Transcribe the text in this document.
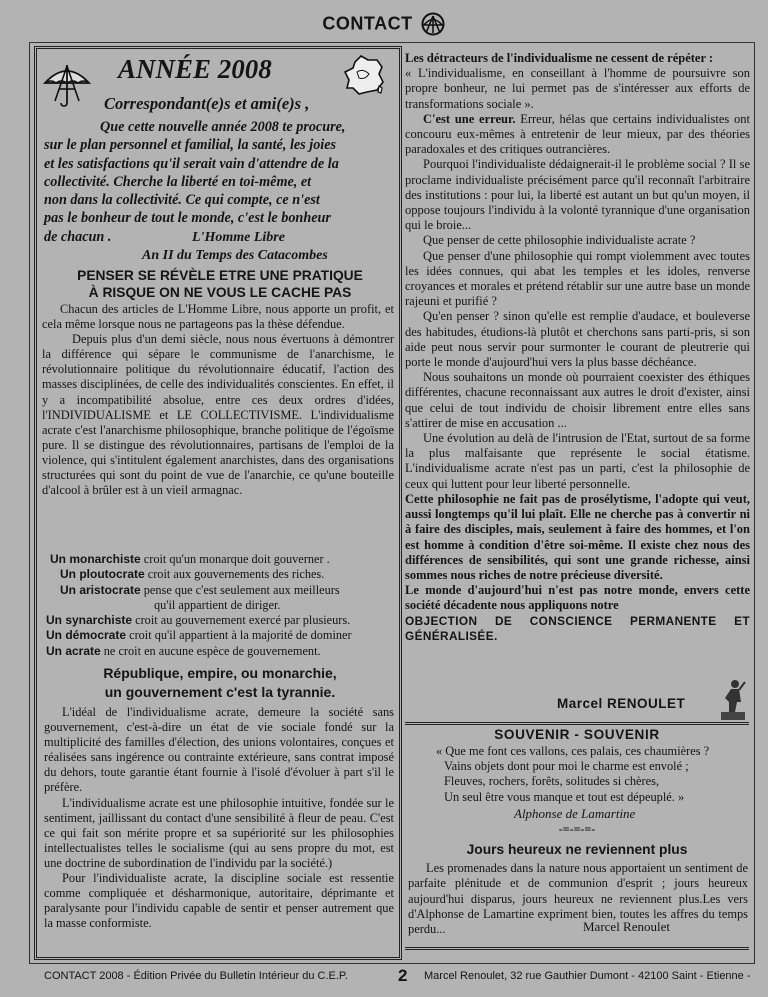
CONTACT
ANNÉE 2008
Correspondant(e)s et ami(e)s ,
Que cette nouvelle année 2008 te procure,
sur le plan personnel et familial, la santé, les joies
et les satisfactions qu'il serait vain d'attendre de la
collectivité. Cherche la liberté en toi-même, et
non dans la collectivité. Ce qui compte, ce n'est
pas le bonheur de tout le monde, c'est le bonheur
de chacun .	L'Homme Libre
An II du Temps des Catacombes
PENSER SE RÉVÈLE ETRE UNE PRATIQUE
À RISQUE ON NE VOUS LE CACHE PAS

Chacun des articles de L'Homme Libre, nous apporte un profit, et cela même lorsque nous ne partageons pas la thèse défendue.

Depuis plus d'un demi siècle, nous nous évertuons à démontrer la différence qui sépare le communisme de l'anarchisme, le révolutionnaire politique du révolutionnaire éducatif, l'action des masses disciplinées, de celle des individualités conscientes. En effet, il y a incompatibilité absolue, entre ces deux ordres d'idées, l'INDIVIDUALISME et LE COLLECTIVISME. L'individualisme acrate c'est l'anarchisme philosophique, branche politique de l'égoïsme pure. Il se distingue des révolutionnaires, partisans de l'emploi de la violence, qui s'intitulent également anarchistes, dans des organisations structurées qui sont du point de vue de l'anarchie, ce qu'une bouteille d'alcool à brûler est à un vieil armagnac.

Un monarchiste croit qu'un monarque doit gouverner .
Un ploutocrate croit aux gouvernements des riches.
Un aristocrate pense que c'est seulement aux meilleurs
qu'il appartient de diriger.
Un synarchiste croit au gouvernement exercé par plusieurs.
Un démocrate croit qu'il appartient à la majorité de dominer
Un acrate ne croit en aucune espèce de gouvernement.
République, empire, ou monarchie,
un gouvernement c'est la tyrannie.

L'idéal de l'individualisme acrate, demeure la société sans gouvernement, c'est-à-dire un état de vie sociale fondé sur la multiplicité des familles d'élection, des unions volontaires, conçues et réalisées sans ingérence ou contrainte extérieure, sans contrat imposé du dehors, toute garantie étant fournie à l'isolé d'évoluer à part s'il le préfère.

L'individualisme acrate est une philosophie intuitive, fondée sur le sentiment, jaillissant du contact d'une sensibilité à fleur de peau. C'est ce qui fait son mérite propre et sa supériorité sur les philosophies intellectualistes telles le socialisme (qui au sens propre du mot, est une doctrine de subordination de l'individu par la société.)

Pour l'individualiste acrate, la discipline sociale est ressentie comme compliquée et désharmonique, autoritaire, déprimante et paralysante pour l'individu capable de sentir et penser autrement que la masse conformiste.

Les détracteurs de l'individualisme ne cessent de répéter :

« L'individualisme, en conseillant à l'homme de poursuivre son propre bonheur, ne lui permet pas de s'intéresser aux efforts de transformations sociale ».

C'est une erreur. Erreur, hélas que certains individualistes ont concouru eux-mêmes à entretenir de leur mieux, par des théories paradoxales et des critiques outrancières.

Pourquoi l'individualiste dédaignerait-il le problème social ? Il se proclame individualiste précisément parce qu'il reconnaît l'arbitraire des institutions : pour lui, la liberté est autant un but qu'un moyen, il oppose toujours l'individu à la volonté tyrannique d'une organisation qui le broie...

Que penser de cette philosophie individualiste acrate ?

Que penser d'une philosophie qui rompt violemment avec toutes les idées connues, qui abat les temples et les idoles, renverse croyances et morales et prétend rétablir sur une autre base un monde rajeuni et purifié ?

Qu'en penser ? sinon qu'elle est remplie d'audace, et bouleverse des habitudes, étudions-là plutôt et cherchons sans parti-pris, si son aide peut nous servir pour surmonter le courant de pleutrerie qui porte le monde d'aujourd'hui vers la plus basse déchéance.

Nous souhaitons un monde où pourraient coexister des éthiques différentes, chacune reconnaissant aux autres le droit d'exister, ainsi que celui de tout individu de choisir librement entre elles sans s'attirer de mise en accusation ...

Une évolution au delà de l'intrusion de l'Etat, surtout de sa forme la plus malfaisante que représente le social étatisme. L'individualisme acrate n'est pas un parti, c'est la philosophie de ceux qui luttent pour leur liberté personnelle.

Cette philosophie ne fait pas de prosélytisme, l'adopte qui veut, aussi longtemps qu'il lui plaît. Elle ne cherche pas à convertir ni à faire des disciples, mais, seulement à faire des hommes, et l'on est homme à condition d'être soi-même. Il existe chez nous des différences de sensibilités, qui sont une grande richesse, ainsi sommes nous riches de notre précieuse diversité.

Le monde d'aujourd'hui n'est pas notre monde, envers cette société décadente nous appliquons notre

OBJECTION DE CONSCIENCE PERMANENTE ET GÉNÉRALISÉE.

Marcel RENOULET
SOUVENIR - SOUVENIR
« Que me font ces vallons, ces palais, ces chaumières ?
Vains objets dont pour moi le charme est envolé ;
Fleuves, rochers, forêts, solitudes si chères,
Un seul être vous manque et tout est dépeuplé. »
Alphonse de Lamartine
-=-=-=-
Jours heureux ne reviennent plus

Les promenades dans la nature nous apportaient un sentiment de parfaite plénitude et de communion d'esprit ; jours heureux aujourd'hui disparus, jours heureux ne reviennent plus.Les vers d'Alphonse de Lamartine expriment bien, toutes les affres du temps perdu...	Marcel Renoulet
CONTACT 2008 - Édition Privée du Bulletin Intérieur du C.E.P.	2 Marcel Renoulet, 32 rue Gauthier Dumont - 42100 Saint - Etienne -
